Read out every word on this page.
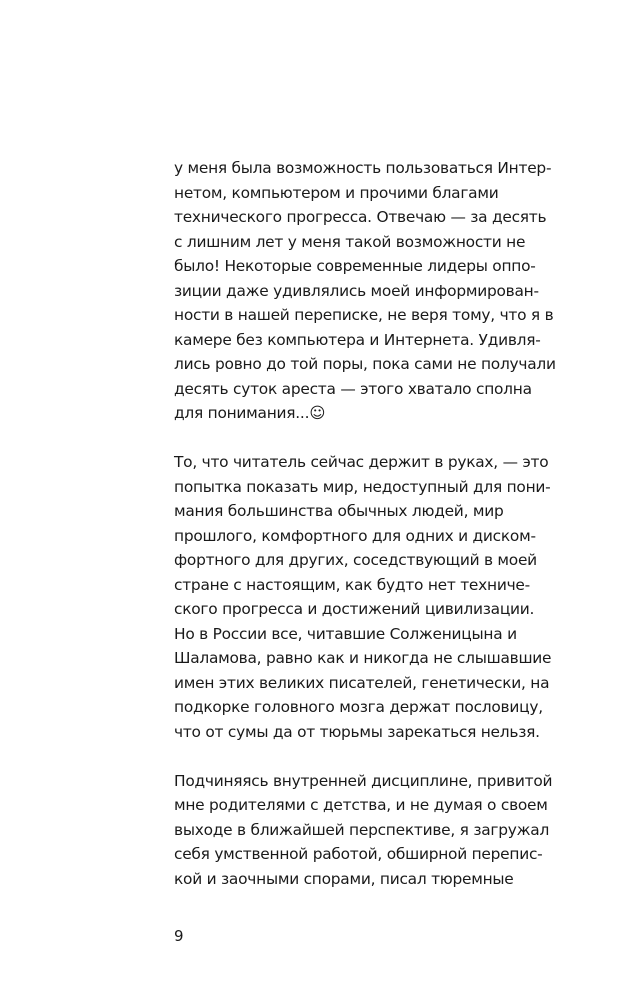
у меня была возможность пользоваться Интер-
нетом, компьютером и прочими благами
технического прогресса. Отвечаю — за десять
с лишним лет у меня такой возможности не
было! Некоторые современные лидеры оппо-
зиции даже удивлялись моей информирован-
ности в нашей переписке, не веря тому, что я в
камере без компьютера и Интернета. Удивля-
лись ровно до той поры, пока сами не получали
десять суток ареста — этого хватало сполна
для понимания...☺
То, что читатель сейчас держит в руках, — это
попытка показать мир, недоступный для пони-
мания большинства обычных людей, мир
прошлого, комфортного для одних и диском-
фортного для других, соседствующий в моей
стране с настоящим, как будто нет техниче-
ского прогресса и достижений цивилизации.
Но в России все, читавшие Солженицына и
Шаламова, равно как и никогда не слышавшие
имен этих великих писателей, генетически, на
подкорке головного мозга держат пословицу,
что от сумы да от тюрьмы зарекаться нельзя.
Подчиняясь внутренней дисциплине, привитой
мне родителями с детства, и не думая о своем
выходе в ближайшей перспективе, я загружал
себя умственной работой, обширной перепис-
кой и заочными спорами, писал тюремные
9
